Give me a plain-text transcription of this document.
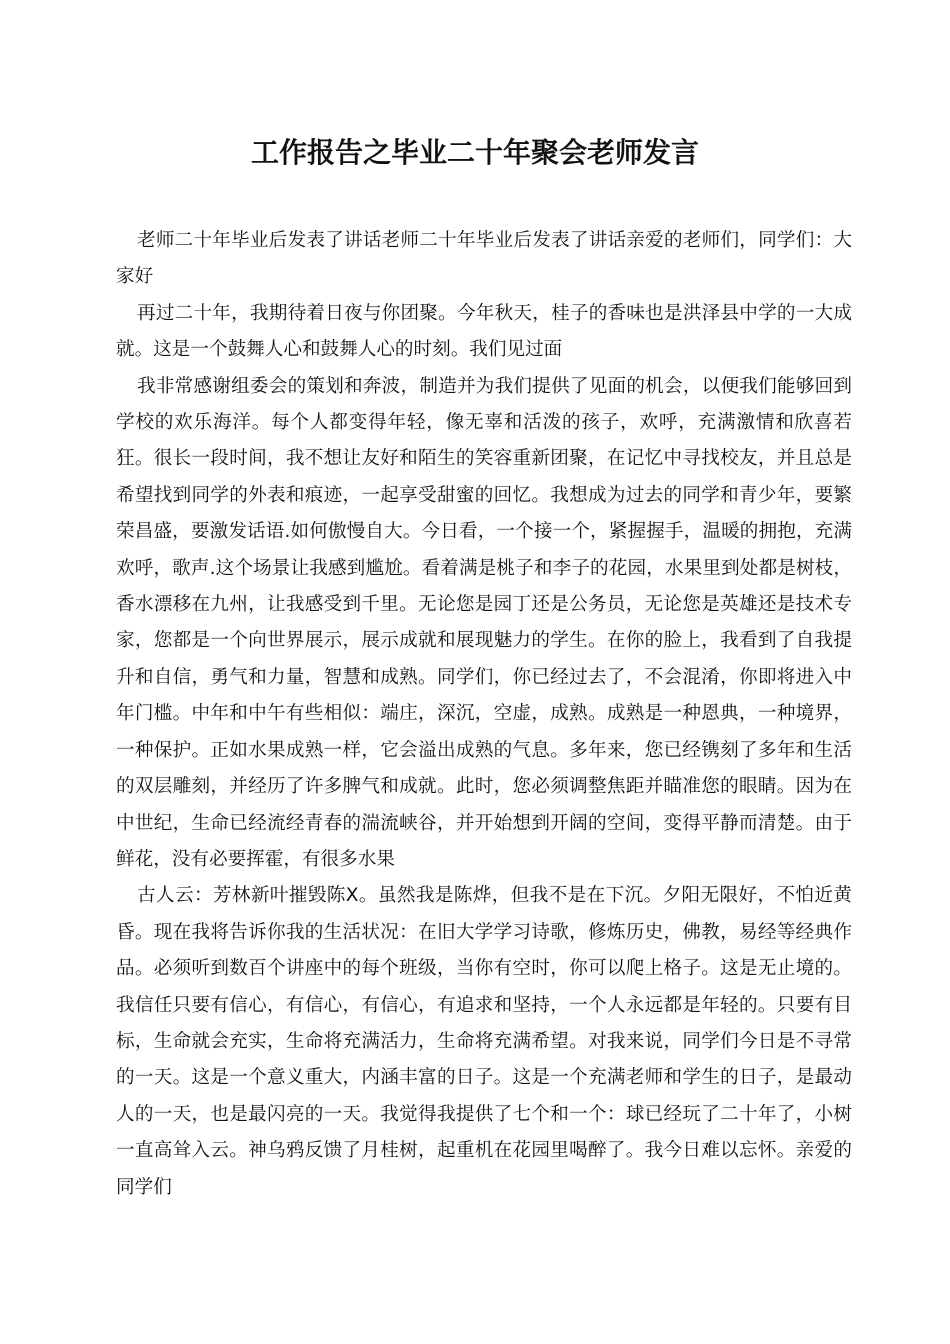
工作报告之毕业二十年聚会老师发言

老师二十年毕业后发表了讲话老师二十年毕业后发表了讲话亲爱的老师们，同学们：大家好

再过二十年，我期待着日夜与你团聚。今年秋天，桂子的香味也是洪泽县中学的一大成就。这是一个鼓舞人心和鼓舞人心的时刻。我们见过面

我非常感谢组委会的策划和奔波，制造并为我们提供了见面的机会，以便我们能够回到学校的欢乐海洋。每个人都变得年轻，像无辜和活泼的孩子，欢呼，充满激情和欣喜若狂。很长一段时间，我不想让友好和陌生的笑容重新团聚，在记忆中寻找校友，并且总是希望找到同学的外表和痕迹，一起享受甜蜜的回忆。我想成为过去的同学和青少年，要繁荣昌盛，要激发话语.如何傲慢自大。今日看，一个接一个，紧握握手，温暖的拥抱，充满欢呼，歌声.这个场景让我感到尴尬。看着满是桃子和李子的花园，水果里到处都是树枝，香水漂移在九州，让我感受到千里。无论您是园丁还是公务员，无论您是英雄还是技术专家，您都是一个向世界展示，展示成就和展现魅力的学生。在你的脸上，我看到了自我提升和自信，勇气和力量，智慧和成熟。同学们，你已经过去了，不会混淆，你即将进入中年门槛。中年和中午有些相似：端庄，深沉，空虚，成熟。成熟是一种恩典，一种境界，一种保护。正如水果成熟一样，它会溢出成熟的气息。多年来，您已经镌刻了多年和生活的双层雕刻，并经历了许多脾气和成就。此时，您必须调整焦距并瞄准您的眼睛。因为在中世纪，生命已经流经青春的湍流峡谷，并开始想到开阔的空间，变得平静而清楚。由于鲜花，没有必要挥霍，有很多水果

古人云：芳林新叶摧毁陈X。虽然我是陈烨，但我不是在下沉。夕阳无限好，不怕近黄昏。现在我将告诉你我的生活状况：在旧大学学习诗歌，修炼历史，佛教，易经等经典作品。必须听到数百个讲座中的每个班级，当你有空时，你可以爬上格子。这是无止境的。我信任只要有信心，有信心，有信心，有追求和坚持，一个人永远都是年轻的。只要有目标，生命就会充实，生命将充满活力，生命将充满希望。对我来说，同学们今日是不寻常的一天。这是一个意义重大，内涵丰富的日子。这是一个充满老师和学生的日子，是最动人的一天，也是最闪亮的一天。我觉得我提供了七个和一个：球已经玩了二十年了，小树一直高耸入云。神乌鸦反馈了月桂树，起重机在花园里喝醉了。我今日难以忘怀。亲爱的同学们
